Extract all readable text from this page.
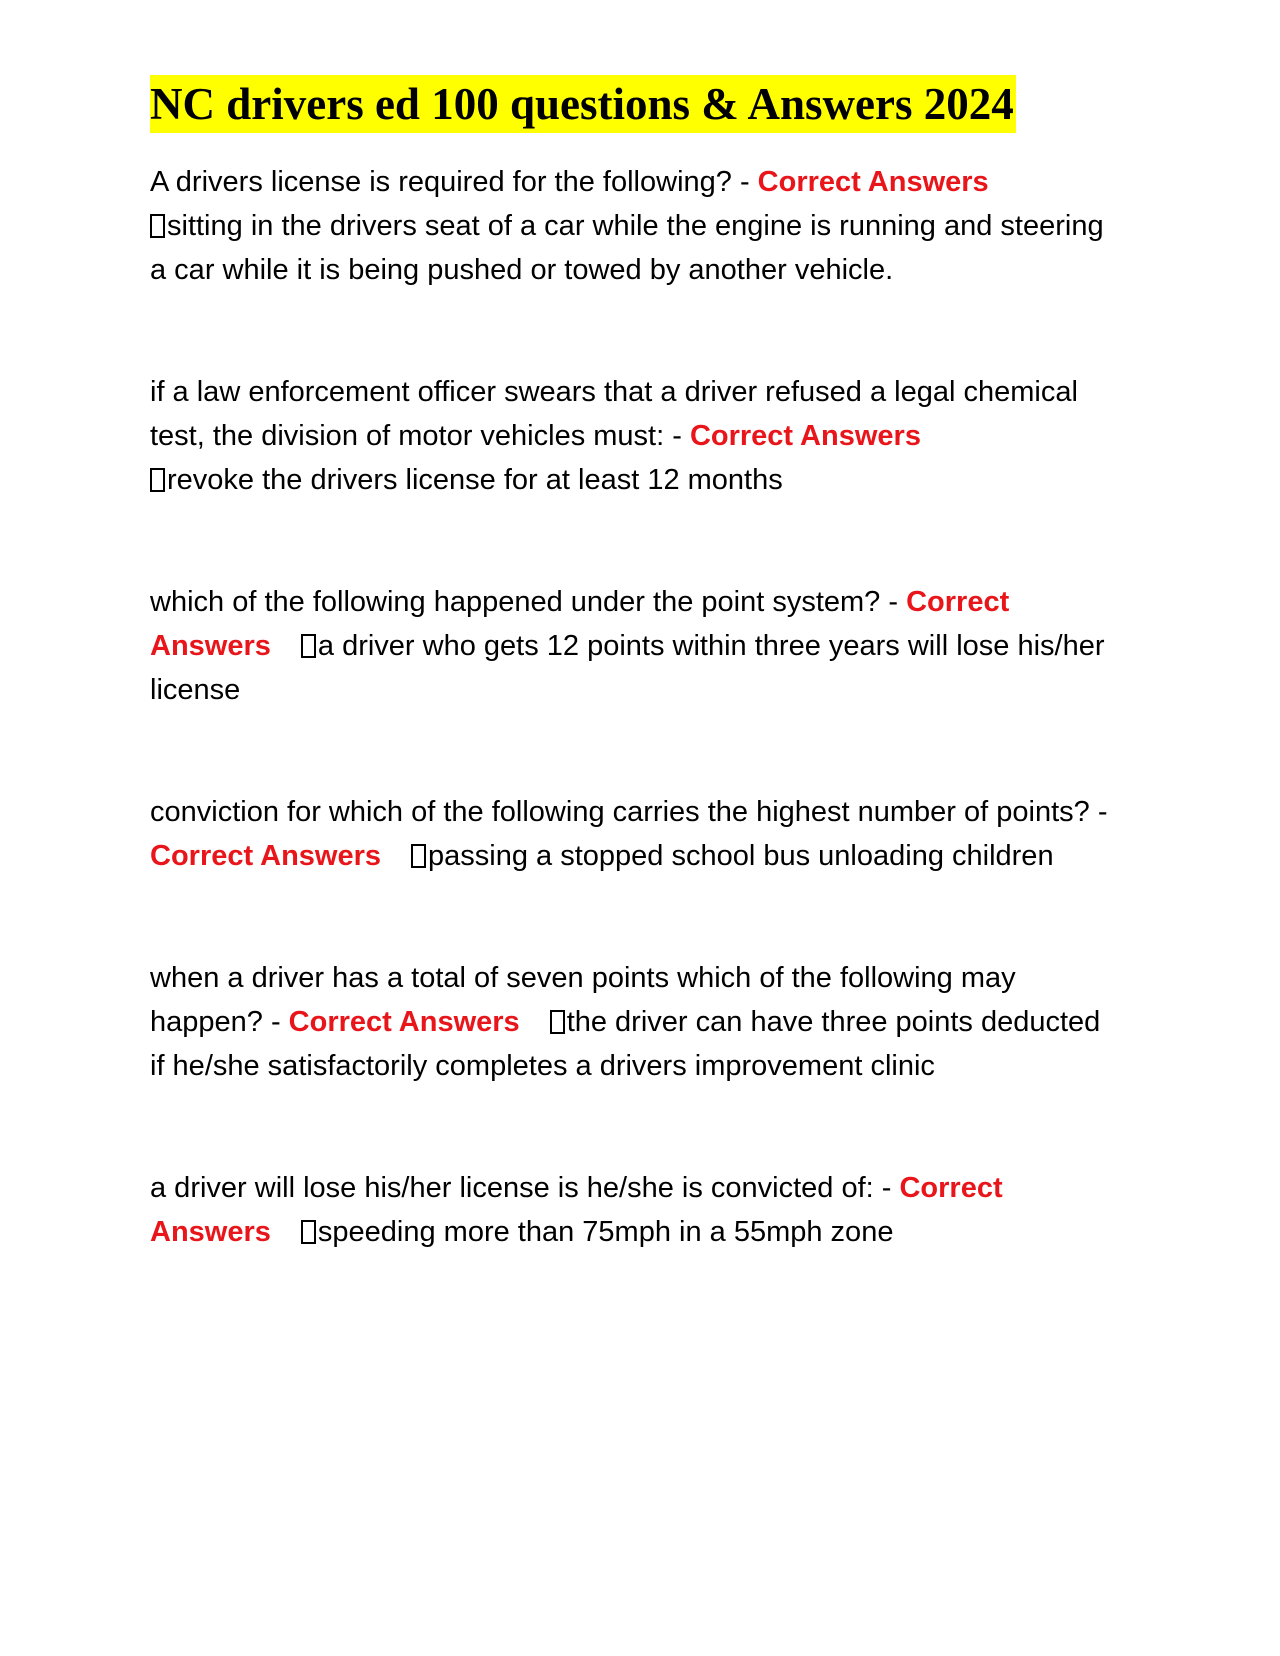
NC drivers ed 100 questions & Answers 2024

A drivers license is required for the following? - Correct Answers
sitting in the drivers seat of a car while the engine is running and steering a car while it is being pushed or towed by another vehicle.

if a law enforcement officer swears that a driver refused a legal chemical test, the division of motor vehicles must: - Correct Answers
revoke the drivers license for at least 12 months

which of the following happened under the point system? - Correct Answers a driver who gets 12 points within three years will lose his/her license

conviction for which of the following carries the highest number of points? - Correct Answers passing a stopped school bus unloading children

when a driver has a total of seven points which of the following may happen? - Correct Answers the driver can have three points deducted if he/she satisfactorily completes a drivers improvement clinic

a driver will lose his/her license is he/she is convicted of: - Correct Answers speeding more than 75mph in a 55mph zone
